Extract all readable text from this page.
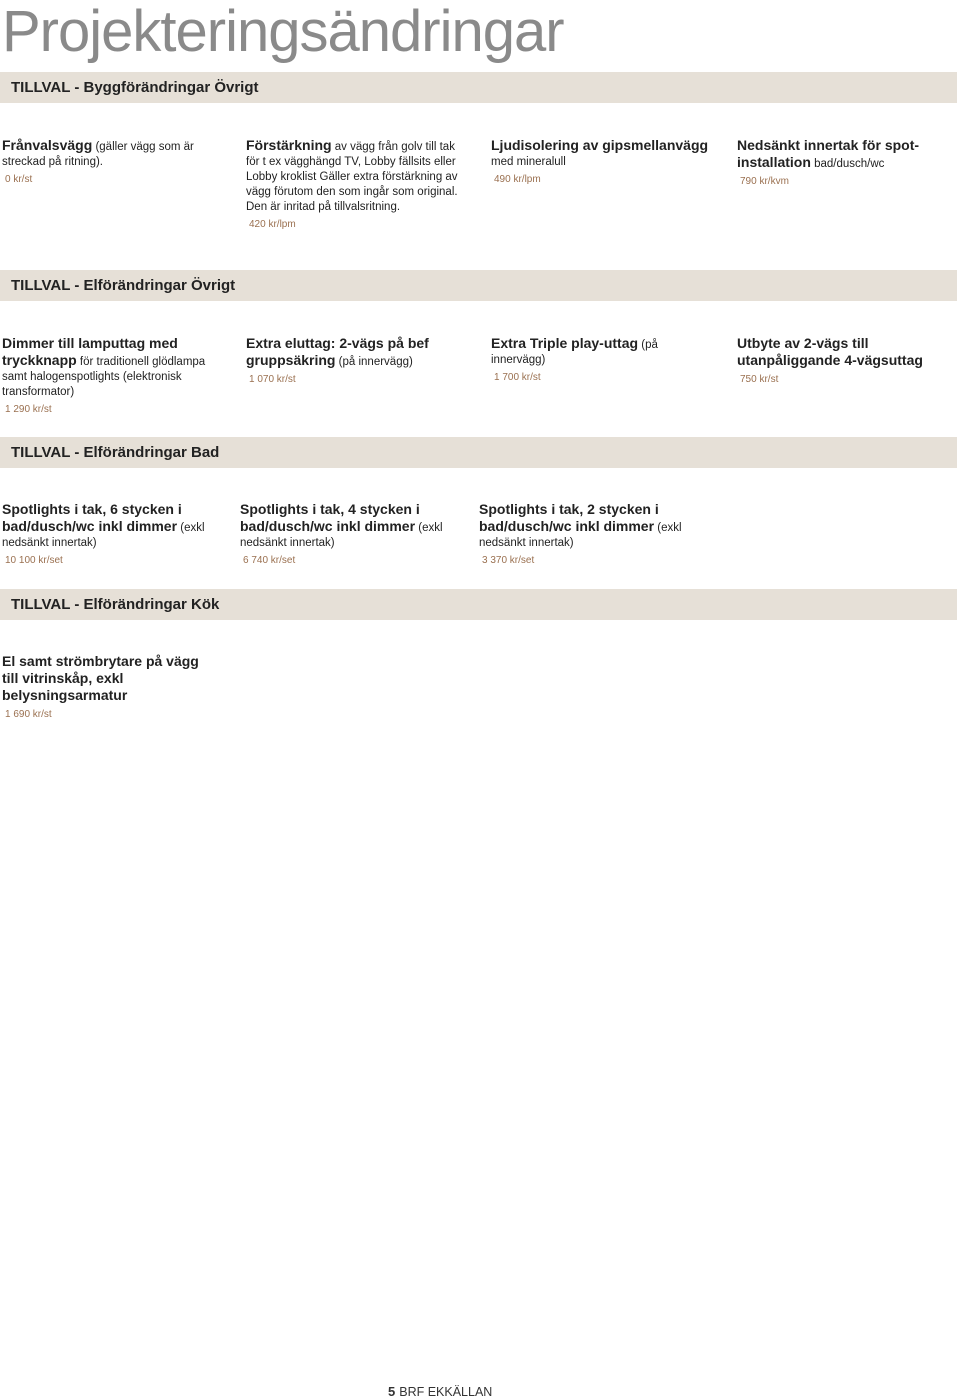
Projekteringsändringar
TILLVAL - Byggförändringar Övrigt
Frånvalsvägg (gäller vägg som är streckad på ritning).
0 kr/st
Förstärkning av vägg från golv till tak för t ex vägghängd TV, Lobby fällsits eller Lobby kroklist Gäller extra förstärkning av vägg förutom den som ingår som original. Den är inritad på tillvalsritning.
420 kr/lpm
Ljudisolering av gipsmellanvägg med mineralull
490 kr/lpm
Nedsänkt innertak för spot-installation bad/dusch/wc
790 kr/kvm
TILLVAL - Elförändringar Övrigt
Dimmer till lamputtag med tryckknapp för traditionell glödlampa samt halogenspotlights (elektronisk transformator)
1 290 kr/st
Extra eluttag: 2-vägs på bef gruppsäkring (på innervägg)
1 070 kr/st
Extra Triple play-uttag (på innervägg)
1 700 kr/st
Utbyte av 2-vägs till utanpåliggande 4-vägsuttag
750 kr/st
TILLVAL - Elförändringar Bad
Spotlights i tak, 6 stycken i bad/dusch/wc inkl dimmer (exkl nedsänkt innertak)
10 100 kr/set
Spotlights i tak, 4 stycken i bad/dusch/wc inkl dimmer (exkl nedsänkt innertak)
6 740 kr/set
Spotlights i tak, 2 stycken i bad/dusch/wc inkl dimmer (exkl nedsänkt innertak)
3 370 kr/set
TILLVAL - Elförändringar Kök
El samt strömbrytare på vägg till vitrinskåp, exkl belysningsarmatur
1 690 kr/st
5 BRF EKKÄLLAN
